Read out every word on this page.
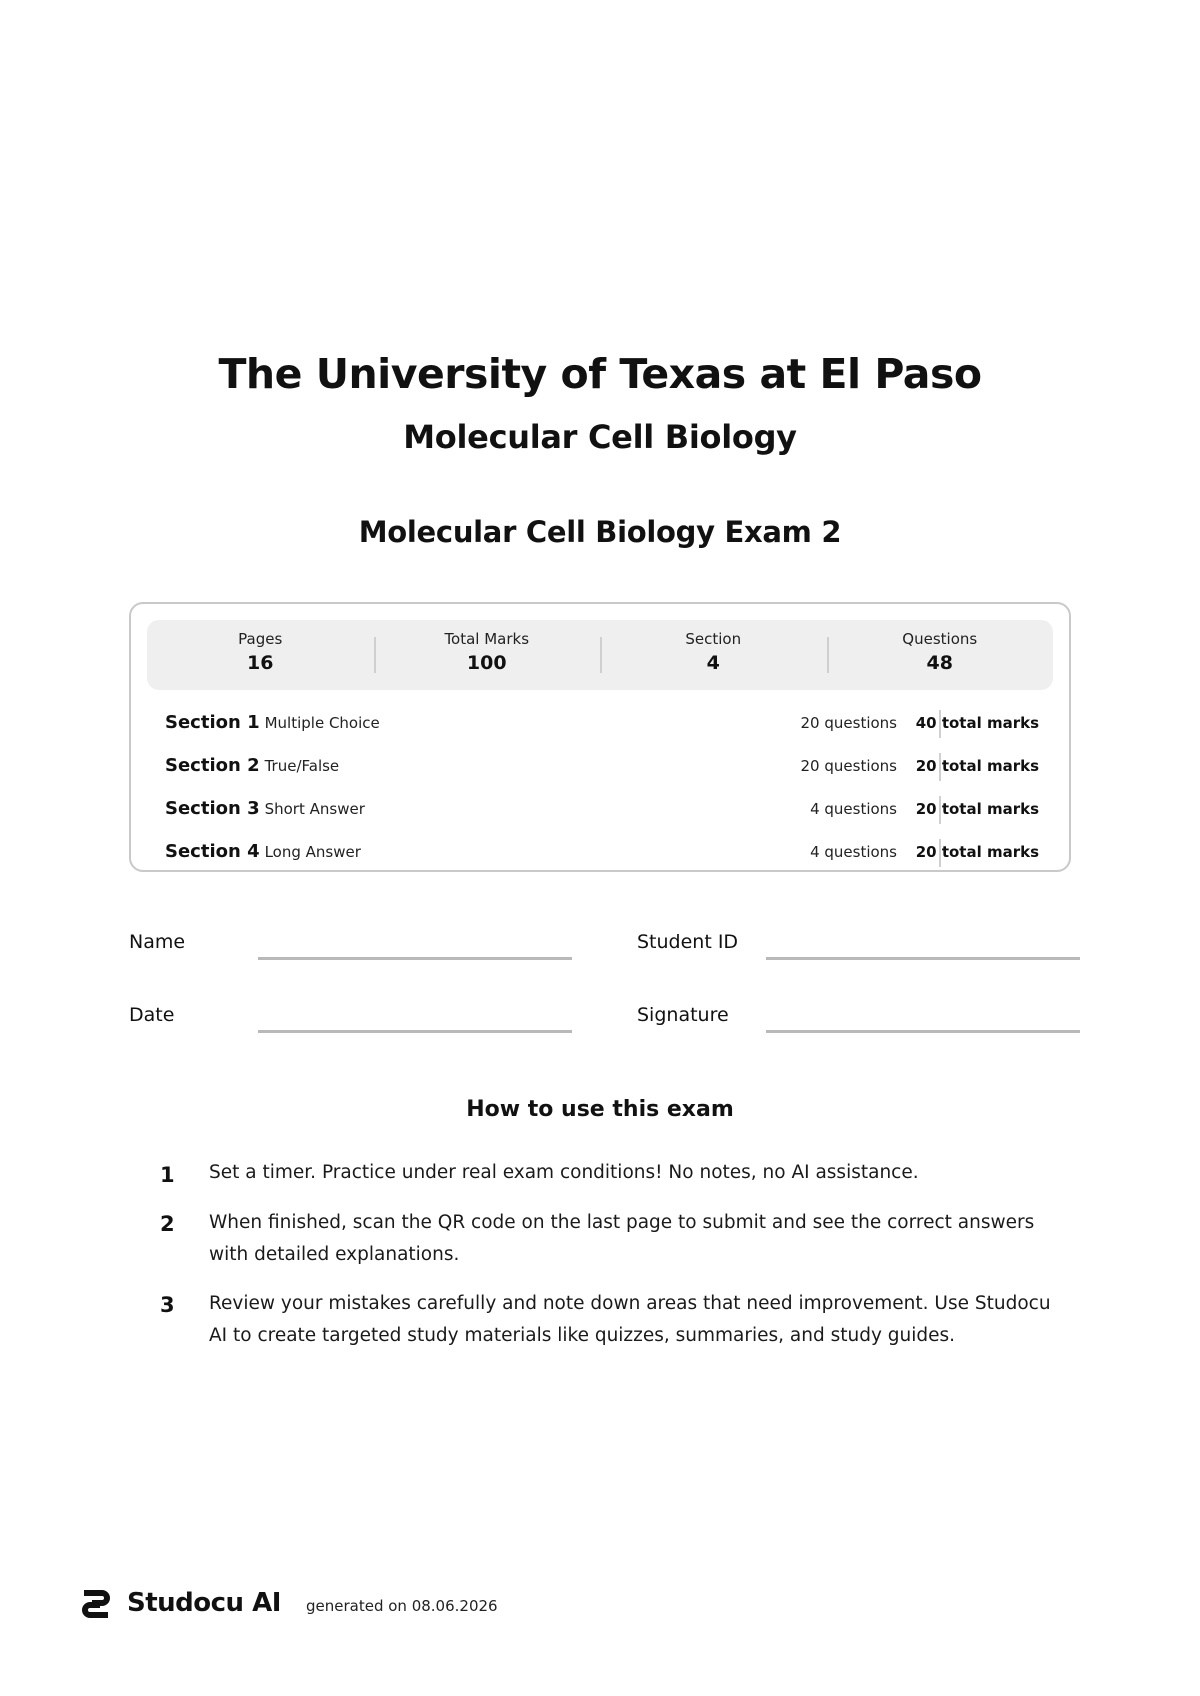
The University of Texas at El Paso
Molecular Cell Biology
Molecular Cell Biology Exam 2
Pages
16
Total Marks
100
Section
4
Questions
48
Section 1 Multiple Choice	20 questions 40 total marks
Section 2 True/False	20 questions 20 total marks
Section 3 Short Answer	4 questions 20 total marks
Section 4 Long Answer	4 questions 20 total marks
Name	Student ID
Date	Signature
How to use this exam
1 Set a timer. Practice under real exam conditions! No notes, no AI assistance.
2 When finished, scan the QR code on the last page to submit and see the correct answers with detailed explanations.
3 Review your mistakes carefully and note down areas that need improvement. Use Studocu AI to create targeted study materials like quizzes, summaries, and study guides.
Studocu AI generated on 08.06.2026
